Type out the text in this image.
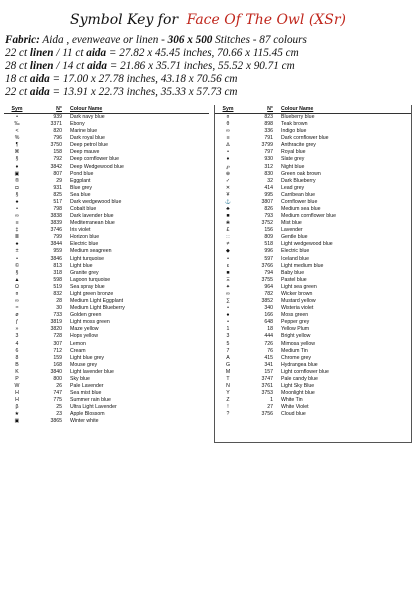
Symbol Key for Face Of The Owl (XSr)
Fabric: Aida , evenweave or linen - 306 x 500 Stitches - 87 colours
22 ct linen / 11 ct aida = 27.82 x 45.45 inches, 70.66 x 115.45 cm
28 ct linen / 14 ct aida = 21.86 x 35.71 inches, 55.52 x 90.71 cm
18 ct aida = 17.00 x 27.78 inches, 43.18 x 70.56 cm
22 ct aida = 13.91 x 22.73 inches, 35.33 x 57.73 cm
Sym	N°	Colour Name
•	939	Dark navy blue
‰	3371	Ebony
<	820	Marine blue
%	796	Dark royal blue
¶	3750	Deep petrol blue
⌘	158	Deep mauve
§	792	Deep cornflower blue
♦	3842	Deep Wedgewood blue
▣	807	Pond blue
®	29	Eggplant
◘	931	Blue grey
§	825	Sea blue
♠	517	Dark wedgewood blue
•	798	Cobalt blue
∞	3838	Dark lavender blue
≡	3839	Mediterranean blue
‡	3746	Iris violet
≣	799	Horizon blue
♠	3844	Electric blue
±	959	Medium seagreen
•	3846	Light turquoise
©	813	Light blue
§	318	Granite grey
▲	598	Lagoon turquoise
Ω	519	Sea spray blue
¤	832	Light green bronze
∞	28	Medium Light Eggplant
≈	30	Medium Light Blueberry
ø	733	Golden green
ƒ	3819	Light moss green
»	3820	Maze yellow
3	728	Hops yellow
4	307	Lemon
6	712	Cream
8	159	Light blue grey
B	168	Mouse grey
K	3840	Light lavender blue
P	800	Sky blue
W	26	Pale Lavender
H	747	Sea mist blue
H	775	Summer rain blue
β	25	Ultra Light Lavender
★	23	Apple Blossom
▣	3865	Winter white
Sym	N°	Colour Name
¤	823	Blueberry blue
θ	898	Teak brown
∞	336	Indigo blue
≡	791	Dark cornflower blue
∆	3799	Anthracite grey
•	797	Royal blue
♦	930	Slate grey
℘	312	Night blue
⊕	830	Green oak brown
✓	32	Dark Blueberry
✕	414	Lead grey
¥	995	Carribean blue
⚓	3807	Cornflower blue
♣	826	Medium sea blue
■	793	Medium cornflower blue
❀	3752	Mist blue
£	156	Lavender
∷	809	Gentle blue
≠	518	Light wedgewood blue
◆	996	Electric blue
•	597	Iceland blue
ε	3766	Light medium blue
■	794	Baby blue
Ξ	3755	Pastel blue
✦	964	Light sea green
∞	782	Wicker brown
∑	3852	Mustard yellow
•	340	Wisteria violet
●	166	Moss green
•	648	Pepper grey
1	18	Yellow Plum
3	444	Bright yellow
5	726	Mimosa yellow
7	76	Medium Tin
A	415	Chrome grey
G	341	Hydrangea blue
M	157	Light cornflower blue
T	3747	Pale candy blue
N	3761	Light Sky Blue
Y	3753	Moonlight blue
Z	1	White Tin
!	27	White Violet
?	3756	Cloud blue
